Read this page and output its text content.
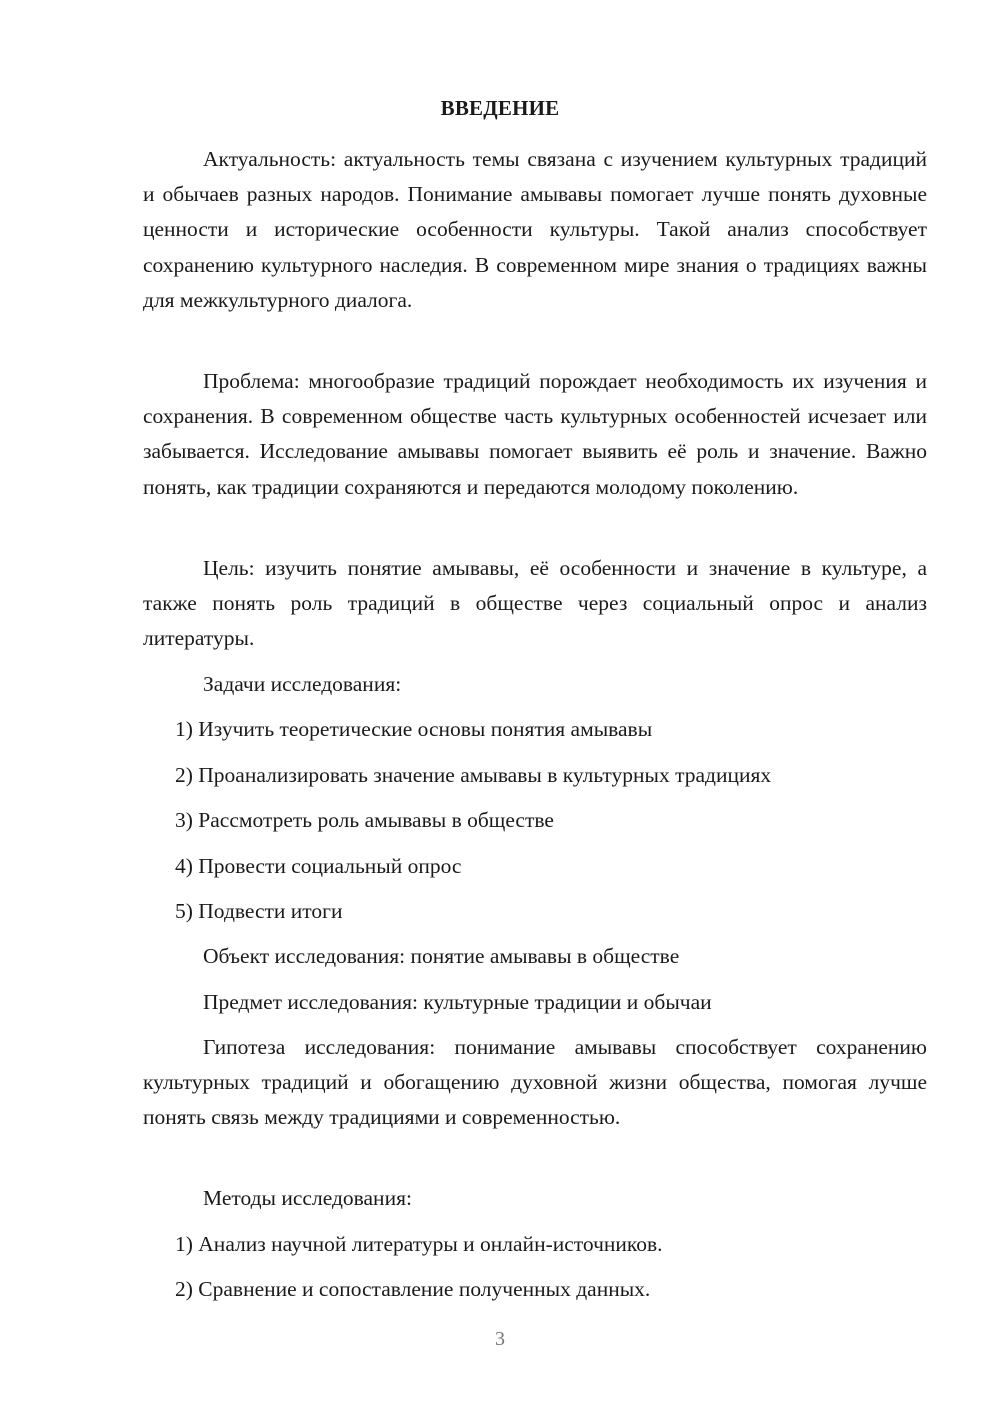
ВВЕДЕНИЕ

Актуальность: актуальность темы связана с изучением культурных традиций и обычаев разных народов. Понимание амывавы помогает лучше понять духовные ценности и исторические особенности культуры. Такой анализ способствует сохранению культурного наследия. В современном мире знания о традициях важны для межкультурного диалога.

Проблема: многообразие традиций порождает необходимость их изучения и сохранения. В современном обществе часть культурных особенностей исчезает или забывается. Исследование амывавы помогает выявить её роль и значение. Важно понять, как традиции сохраняются и передаются молодому поколению.

Цель: изучить понятие амывавы, её особенности и значение в культуре, а также понять роль традиций в обществе через социальный опрос и анализ литературы.

Задачи исследования:

1) Изучить теоретические основы понятия амывавы

2) Проанализировать значение амывавы в культурных традициях

3) Рассмотреть роль амывавы в обществе

4) Провести социальный опрос

5) Подвести итоги

Объект исследования: понятие амывавы в обществе

Предмет исследования: культурные традиции и обычаи

Гипотеза исследования: понимание амывавы способствует сохранению культурных традиций и обогащению духовной жизни общества, помогая лучше понять связь между традициями и современностью.

Методы исследования:

1) Анализ научной литературы и онлайн-источников.

2) Сравнение и сопоставление полученных данных.

3
